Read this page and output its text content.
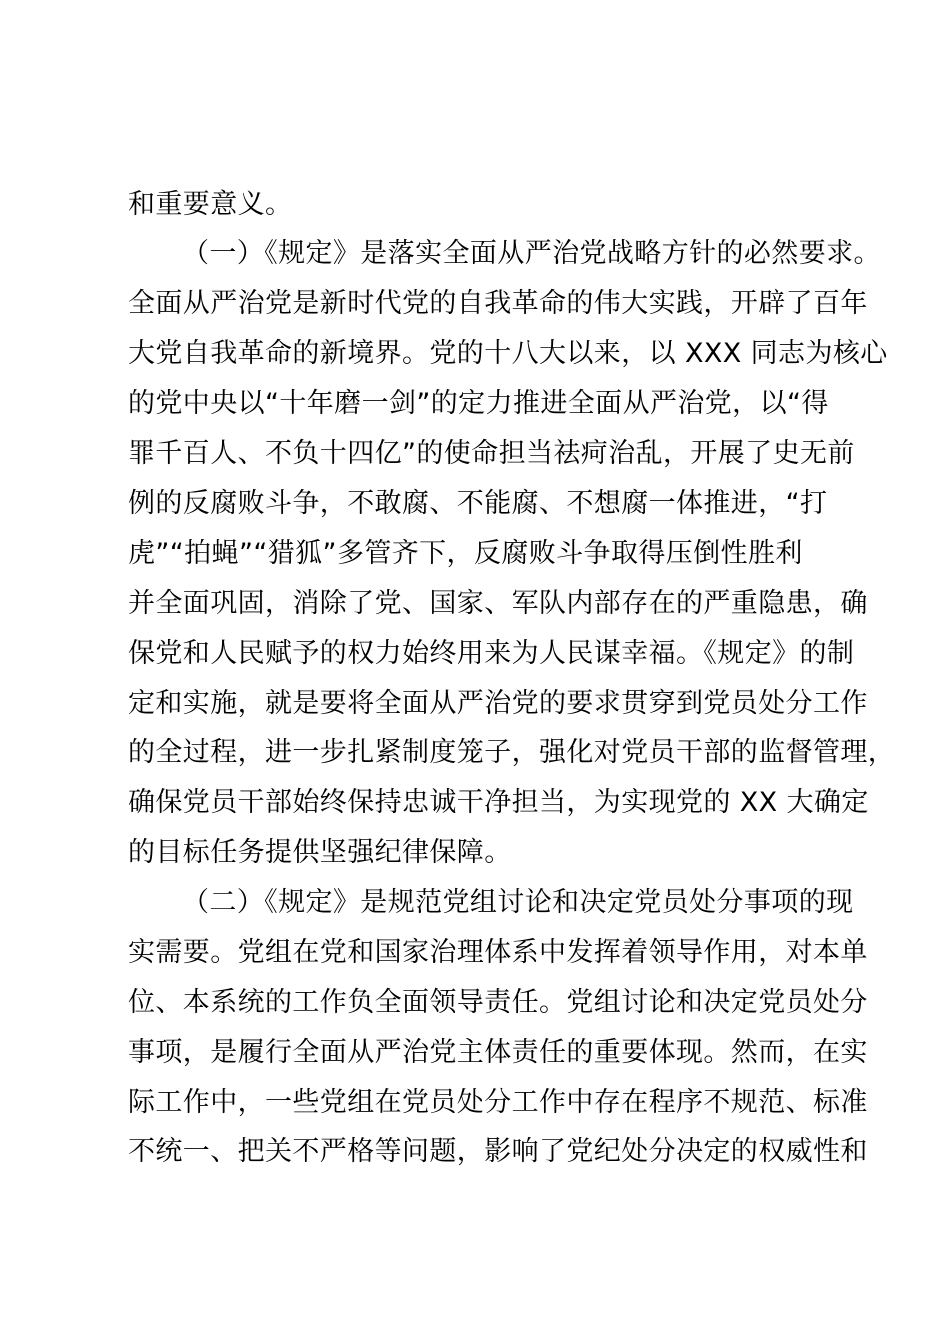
和重要意义。
（一）《规定》是落实全面从严治党战略方针的必然要求。
全面从严治党是新时代党的自我革命的伟大实践，开辟了百年
大党自我革命的新境界。党的十八大以来，以 XXX 同志为核心
的党中央以“十年磨一剑”的定力推进全面从严治党，以“得
罪千百人、不负十四亿”的使命担当祛疴治乱，开展了史无前
例的反腐败斗争，不敢腐、不能腐、不想腐一体推进，“打
虎”“拍蝇”“猎狐”多管齐下，反腐败斗争取得压倒性胜利
并全面巩固，消除了党、国家、军队内部存在的严重隐患，确
保党和人民赋予的权力始终用来为人民谋幸福。《规定》的制
定和实施，就是要将全面从严治党的要求贯穿到党员处分工作
的全过程，进一步扎紧制度笼子，强化对党员干部的监督管理，
确保党员干部始终保持忠诚干净担当，为实现党的 XX 大确定
的目标任务提供坚强纪律保障。
（二）《规定》是规范党组讨论和决定党员处分事项的现
实需要。党组在党和国家治理体系中发挥着领导作用，对本单
位、本系统的工作负全面领导责任。党组讨论和决定党员处分
事项，是履行全面从严治党主体责任的重要体现。然而，在实
际工作中，一些党组在党员处分工作中存在程序不规范、标准
不统一、把关不严格等问题，影响了党纪处分决定的权威性和
